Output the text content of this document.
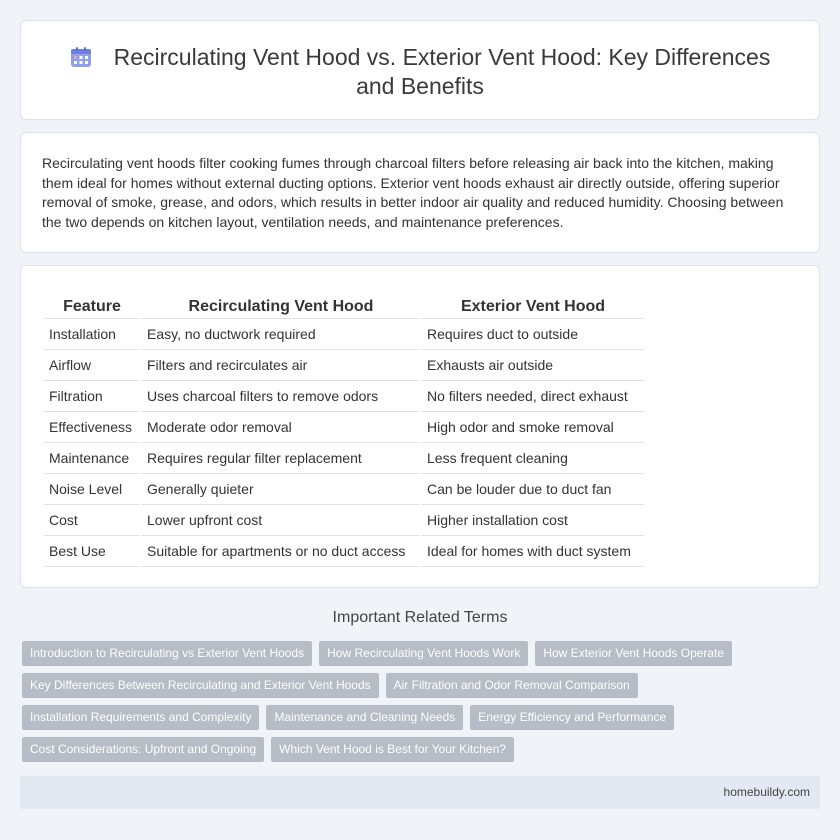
Recirculating Vent Hood vs. Exterior Vent Hood: Key Differences and Benefits

Recirculating vent hoods filter cooking fumes through charcoal filters before releasing air back into the kitchen, making them ideal for homes without external ducting options. Exterior vent hoods exhaust air directly outside, offering superior removal of smoke, grease, and odors, which results in better indoor air quality and reduced humidity. Choosing between the two depends on kitchen layout, ventilation needs, and maintenance preferences.

Feature	Recirculating Vent Hood	Exterior Vent Hood
Installation	Easy, no ductwork required	Requires duct to outside
Airflow	Filters and recirculates air	Exhausts air outside
Filtration	Uses charcoal filters to remove odors	No filters needed, direct exhaust
Effectiveness	Moderate odor removal	High odor and smoke removal
Maintenance	Requires regular filter replacement	Less frequent cleaning
Noise Level	Generally quieter	Can be louder due to duct fan
Cost	Lower upfront cost	Higher installation cost
Best Use	Suitable for apartments or no duct access	Ideal for homes with duct system
Important Related Terms
Introduction to Recirculating vs Exterior Vent Hoods	How Recirculating Vent Hoods Work	How Exterior Vent Hoods Operate
Key Differences Between Recirculating and Exterior Vent Hoods	Air Filtration and Odor Removal Comparison
Installation Requirements and Complexity	Maintenance and Cleaning Needs	Energy Efficiency and Performance
Cost Considerations: Upfront and Ongoing	Which Vent Hood is Best for Your Kitchen?
homebuildy.com
